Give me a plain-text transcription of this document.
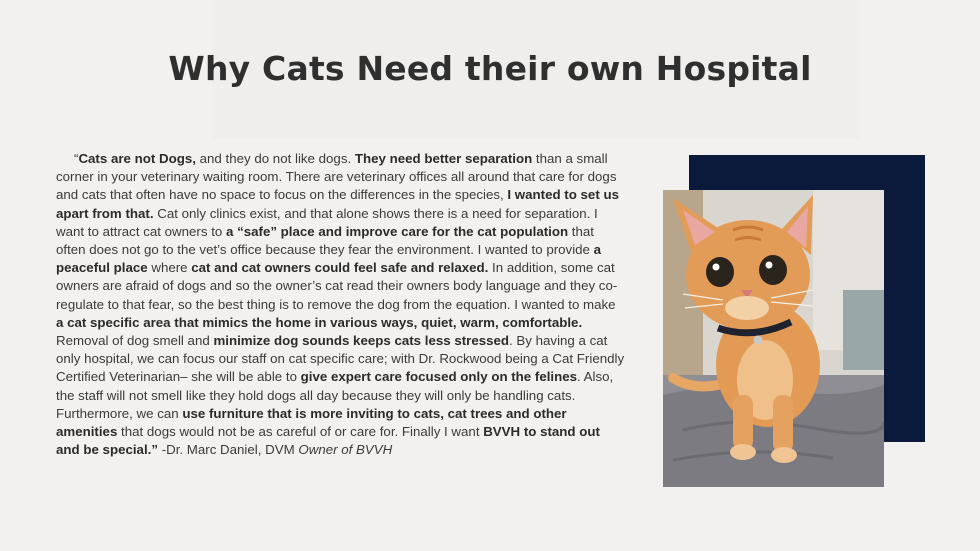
Why Cats Need their own Hospital

“Cats are not Dogs, and they do not like dogs. They need better separation than a small corner in your veterinary waiting room. There are veterinary offices all around that care for dogs and cats that often have no space to focus on the differences in the species, I wanted to set us apart from that. Cat only clinics exist, and that alone shows there is a need for separation. I want to attract cat owners to a “safe” place and improve care for the cat population that often does not go to the vet’s office because they fear the environment. I wanted to provide a peaceful place where cat and cat owners could feel safe and relaxed. In addition, some cat owners are afraid of dogs and so the owner’s cat read their owners body language and they co-regulate to that fear, so the best thing is to remove the dog from the equation. I wanted to make a cat specific area that mimics the home in various ways, quiet, warm, comfortable. Removal of dog smell and minimize dog sounds keeps cats less stressed. By having a cat only hospital, we can focus our staff on cat specific care; with Dr. Rockwood being a Cat Friendly Certified Veterinarian– she will be able to give expert care focused only on the felines. Also, the staff will not smell like they hold dogs all day because they will only be handling cats. Furthermore, we can use furniture that is more inviting to cats, cat trees and other amenities that dogs would not be as careful of or care for. Finally I want BVVH to stand out and be special.” -Dr. Marc Daniel, DVM Owner of BVVH
